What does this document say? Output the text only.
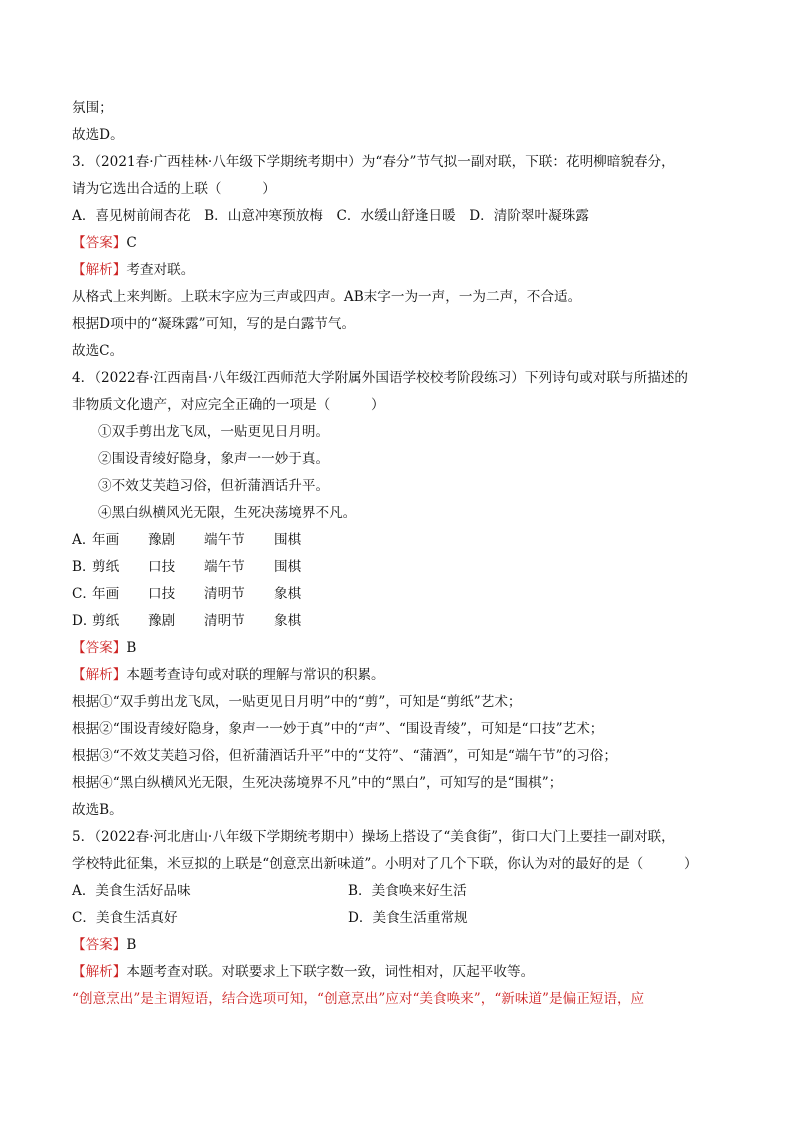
氛围；
故选D。
3．（2021春·广西桂林·八年级下学期统考期中）为“春分”节气拟一副对联，下联：花明柳暗貌春分，
请为它选出合适的上联（　　　）
A．喜见树前闹杏花　B．山意冲寒预放梅　C．水缓山舒逢日暖　D．清阶翠叶凝珠露
【答案】C
【解析】考查对联。
从格式上来判断。上联末字应为三声或四声。AB末字一为一声，一为二声，不合适。
根据D项中的“凝珠露”可知，写的是白露节气。
故选C。
4．（2022春·江西南昌·八年级江西师范大学附属外国语学校校考阶段练习）下列诗句或对联与所描述的
非物质文化遗产，对应完全正确的一项是（　　　）
①双手剪出龙飞凤，一贴更见日月明。
②围设青绫好隐身，象声一一妙于真。
③不效艾芙趋习俗，但祈蒲酒话升平。
④黑白纵横风光无限，生死决荡境界不凡。
A．
年画 豫剧 端午节 围棋
B．
剪纸 口技 端午节 围棋
C．
年画 口技 清明节 象棋
D．
剪纸 豫剧 清明节 象棋
【答案】B
【解析】本题考查诗句或对联的理解与常识的积累。
根据①“双手剪出龙飞凤，一贴更见日月明”中的“剪”，可知是“剪纸”艺术；
根据②“围设青绫好隐身，象声一一妙于真”中的“声”、“围设青绫”，可知是“口技”艺术；
根据③“不效艾芙趋习俗，但祈蒲酒话升平”中的“艾符”、“蒲酒”，可知是“端午节”的习俗；
根据④“黑白纵横风光无限，生死决荡境界不凡”中的“黑白”，可知写的是“围棋”；
故选B。
5．（2022春·河北唐山·八年级下学期统考期中）操场上搭设了“美食街”，街口大门上要挂一副对联，
学校特此征集，米豆拟的上联是“创意烹出新味道”。小明对了几个下联，你认为对的最好的是（　　　）
A．美食生活好品味	B．美食唤来好生活
C．美食生活真好	D．美食生活重常规
【答案】B
【解析】本题考查对联。对联要求上下联字数一致，词性相对，仄起平收等。
“创意烹出”是主谓短语，结合选项可知，“创意烹出”应对“美食唤来”，“新味道”是偏正短语，应
